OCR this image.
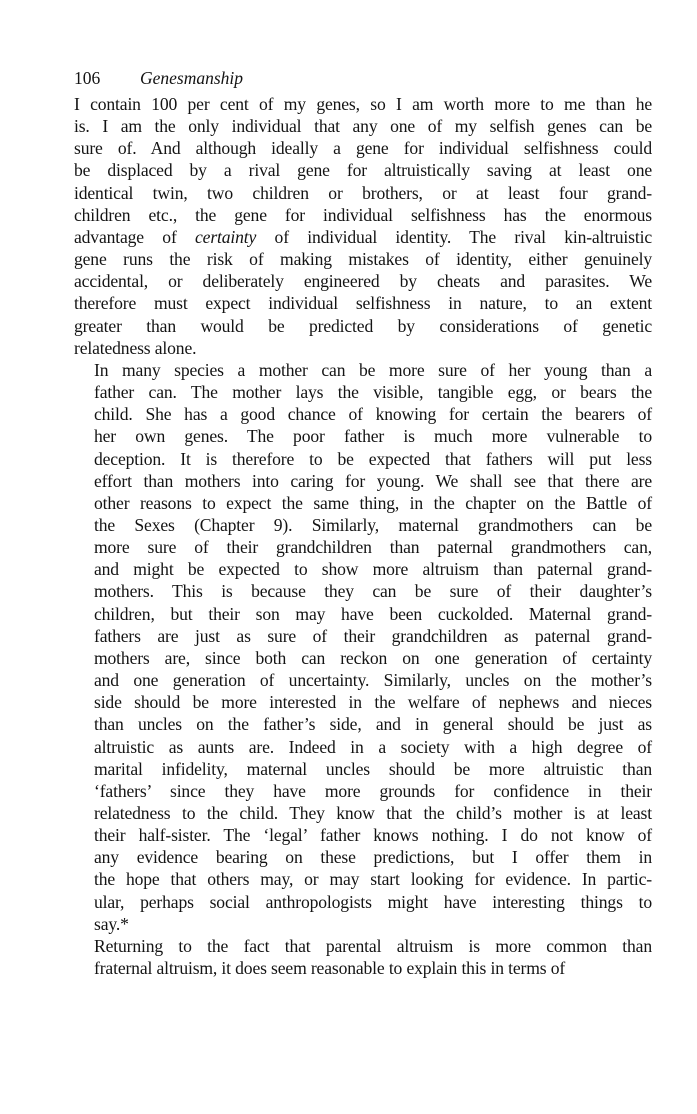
106 Genesmanship
I contain 100 per cent of my genes, so I am worth more to me than he
is. I am the only individual that any one of my selfish genes can be
sure of. And although ideally a gene for individual selfishness could
be displaced by a rival gene for altruistically saving at least one
identical twin, two children or brothers, or at least four grand-
children etc., the gene for individual selfishness has the enormous
advantage of certainty of individual identity. The rival kin-altruistic
gene runs the risk of making mistakes of identity, either genuinely
accidental, or deliberately engineered by cheats and parasites. We
therefore must expect individual selfishness in nature, to an extent
greater than would be predicted by considerations of genetic
relatedness alone.
In many species a mother can be more sure of her young than a
father can. The mother lays the visible, tangible egg, or bears the
child. She has a good chance of knowing for certain the bearers of
her own genes. The poor father is much more vulnerable to
deception. It is therefore to be expected that fathers will put less
effort than mothers into caring for young. We shall see that there are
other reasons to expect the same thing, in the chapter on the Battle of
the Sexes (Chapter 9). Similarly, maternal grandmothers can be
more sure of their grandchildren than paternal grandmothers can,
and might be expected to show more altruism than paternal grand-
mothers. This is because they can be sure of their daughter’s
children, but their son may have been cuckolded. Maternal grand-
fathers are just as sure of their grandchildren as paternal grand-
mothers are, since both can reckon on one generation of certainty
and one generation of uncertainty. Similarly, uncles on the mother’s
side should be more interested in the welfare of nephews and nieces
than uncles on the father’s side, and in general should be just as
altruistic as aunts are. Indeed in a society with a high degree of
marital infidelity, maternal uncles should be more altruistic than
‘fathers’ since they have more grounds for confidence in their
relatedness to the child. They know that the child’s mother is at least
their half-sister. The ‘legal’ father knows nothing. I do not know of
any evidence bearing on these predictions, but I offer them in
the hope that others may, or may start looking for evidence. In partic-
ular, perhaps social anthropologists might have interesting things to
say.*
Returning to the fact that parental altruism is more common than
fraternal altruism, it does seem reasonable to explain this in terms of
